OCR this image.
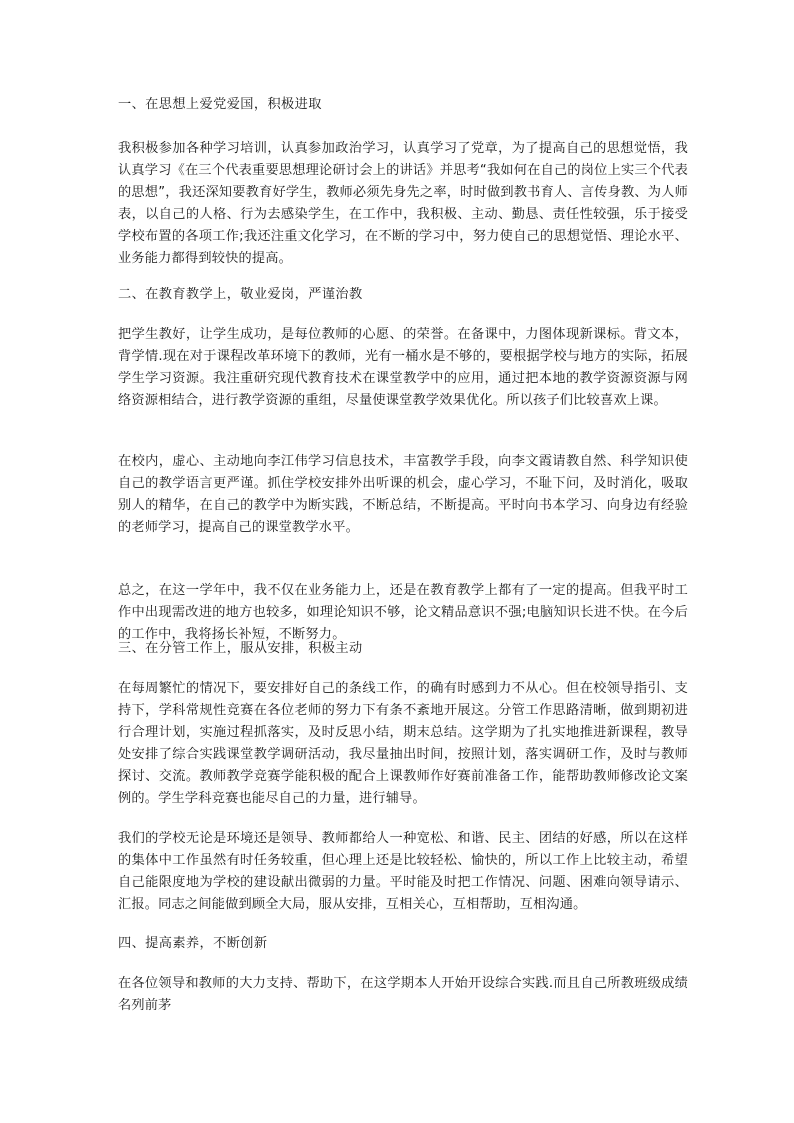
一、在思想上爱党爱国，积极进取
我积极参加各种学习培训，认真参加政治学习，认真学习了党章，为了提高自己的思想觉悟，我认真学习《在三个代表重要思想理论研讨会上的讲话》并思考“我如何在自己的岗位上实三个代表的思想”，我还深知要教育好学生，教师必须先身先之率，时时做到教书育人、言传身教、为人师表，以自己的人格、行为去感染学生，在工作中，我积极、主动、勤恳、责任性较强，乐于接受学校布置的各项工作;我还注重文化学习，在不断的学习中，努力使自己的思想觉悟、理论水平、业务能力都得到较快的提高。
二、在教育教学上，敬业爱岗，严谨治教
把学生教好，让学生成功，是每位教师的心愿、的荣誉。在备课中，力图体现新课标。背文本，背学情.现在对于课程改革环境下的教师，光有一桶水是不够的，要根据学校与地方的实际，拓展学生学习资源。我注重研究现代教育技术在课堂教学中的应用，通过把本地的教学资源资源与网络资源相结合，进行教学资源的重组，尽量使课堂教学效果优化。所以孩子们比较喜欢上课。
在校内，虚心、主动地向李江伟学习信息技术，丰富教学手段，向李文霞请教自然、科学知识使自己的教学语言更严谨。抓住学校安排外出听课的机会，虚心学习，不耻下问，及时消化，吸取别人的精华，在自己的教学中为断实践，不断总结，不断提高。平时向书本学习、向身边有经验的老师学习，提高自己的课堂教学水平。
总之，在这一学年中，我不仅在业务能力上，还是在教育教学上都有了一定的提高。但我平时工作中出现需改进的地方也较多，如理论知识不够，论文精品意识不强;电脑知识长进不快。在今后的工作中，我将扬长补短，不断努力。
三、在分管工作上，服从安排，积极主动
在每周繁忙的情况下，要安排好自己的条线工作，的确有时感到力不从心。但在校领导指引、支持下，学科常规性竞赛在各位老师的努力下有条不紊地开展这。分管工作思路清晰，做到期初进行合理计划，实施过程抓落实，及时反思小结，期末总结。这学期为了扎实地推进新课程，教导处安排了综合实践课堂教学调研活动，我尽量抽出时间，按照计划，落实调研工作，及时与教师探讨、交流。教师教学竞赛学能积极的配合上课教师作好赛前准备工作，能帮助教师修改论文案例的。学生学科竞赛也能尽自己的力量，进行辅导。
我们的学校无论是环境还是领导、教师都给人一种宽松、和谐、民主、团结的好感，所以在这样的集体中工作虽然有时任务较重，但心理上还是比较轻松、愉快的，所以工作上比较主动，希望自己能限度地为学校的建设献出微弱的力量。平时能及时把工作情况、问题、困难向领导请示、汇报。同志之间能做到顾全大局，服从安排，互相关心，互相帮助，互相沟通。
四、提高素养，不断创新
在各位领导和教师的大力支持、帮助下，在这学期本人开始开设综合实践.而且自己所教班级成绩名列前茅
